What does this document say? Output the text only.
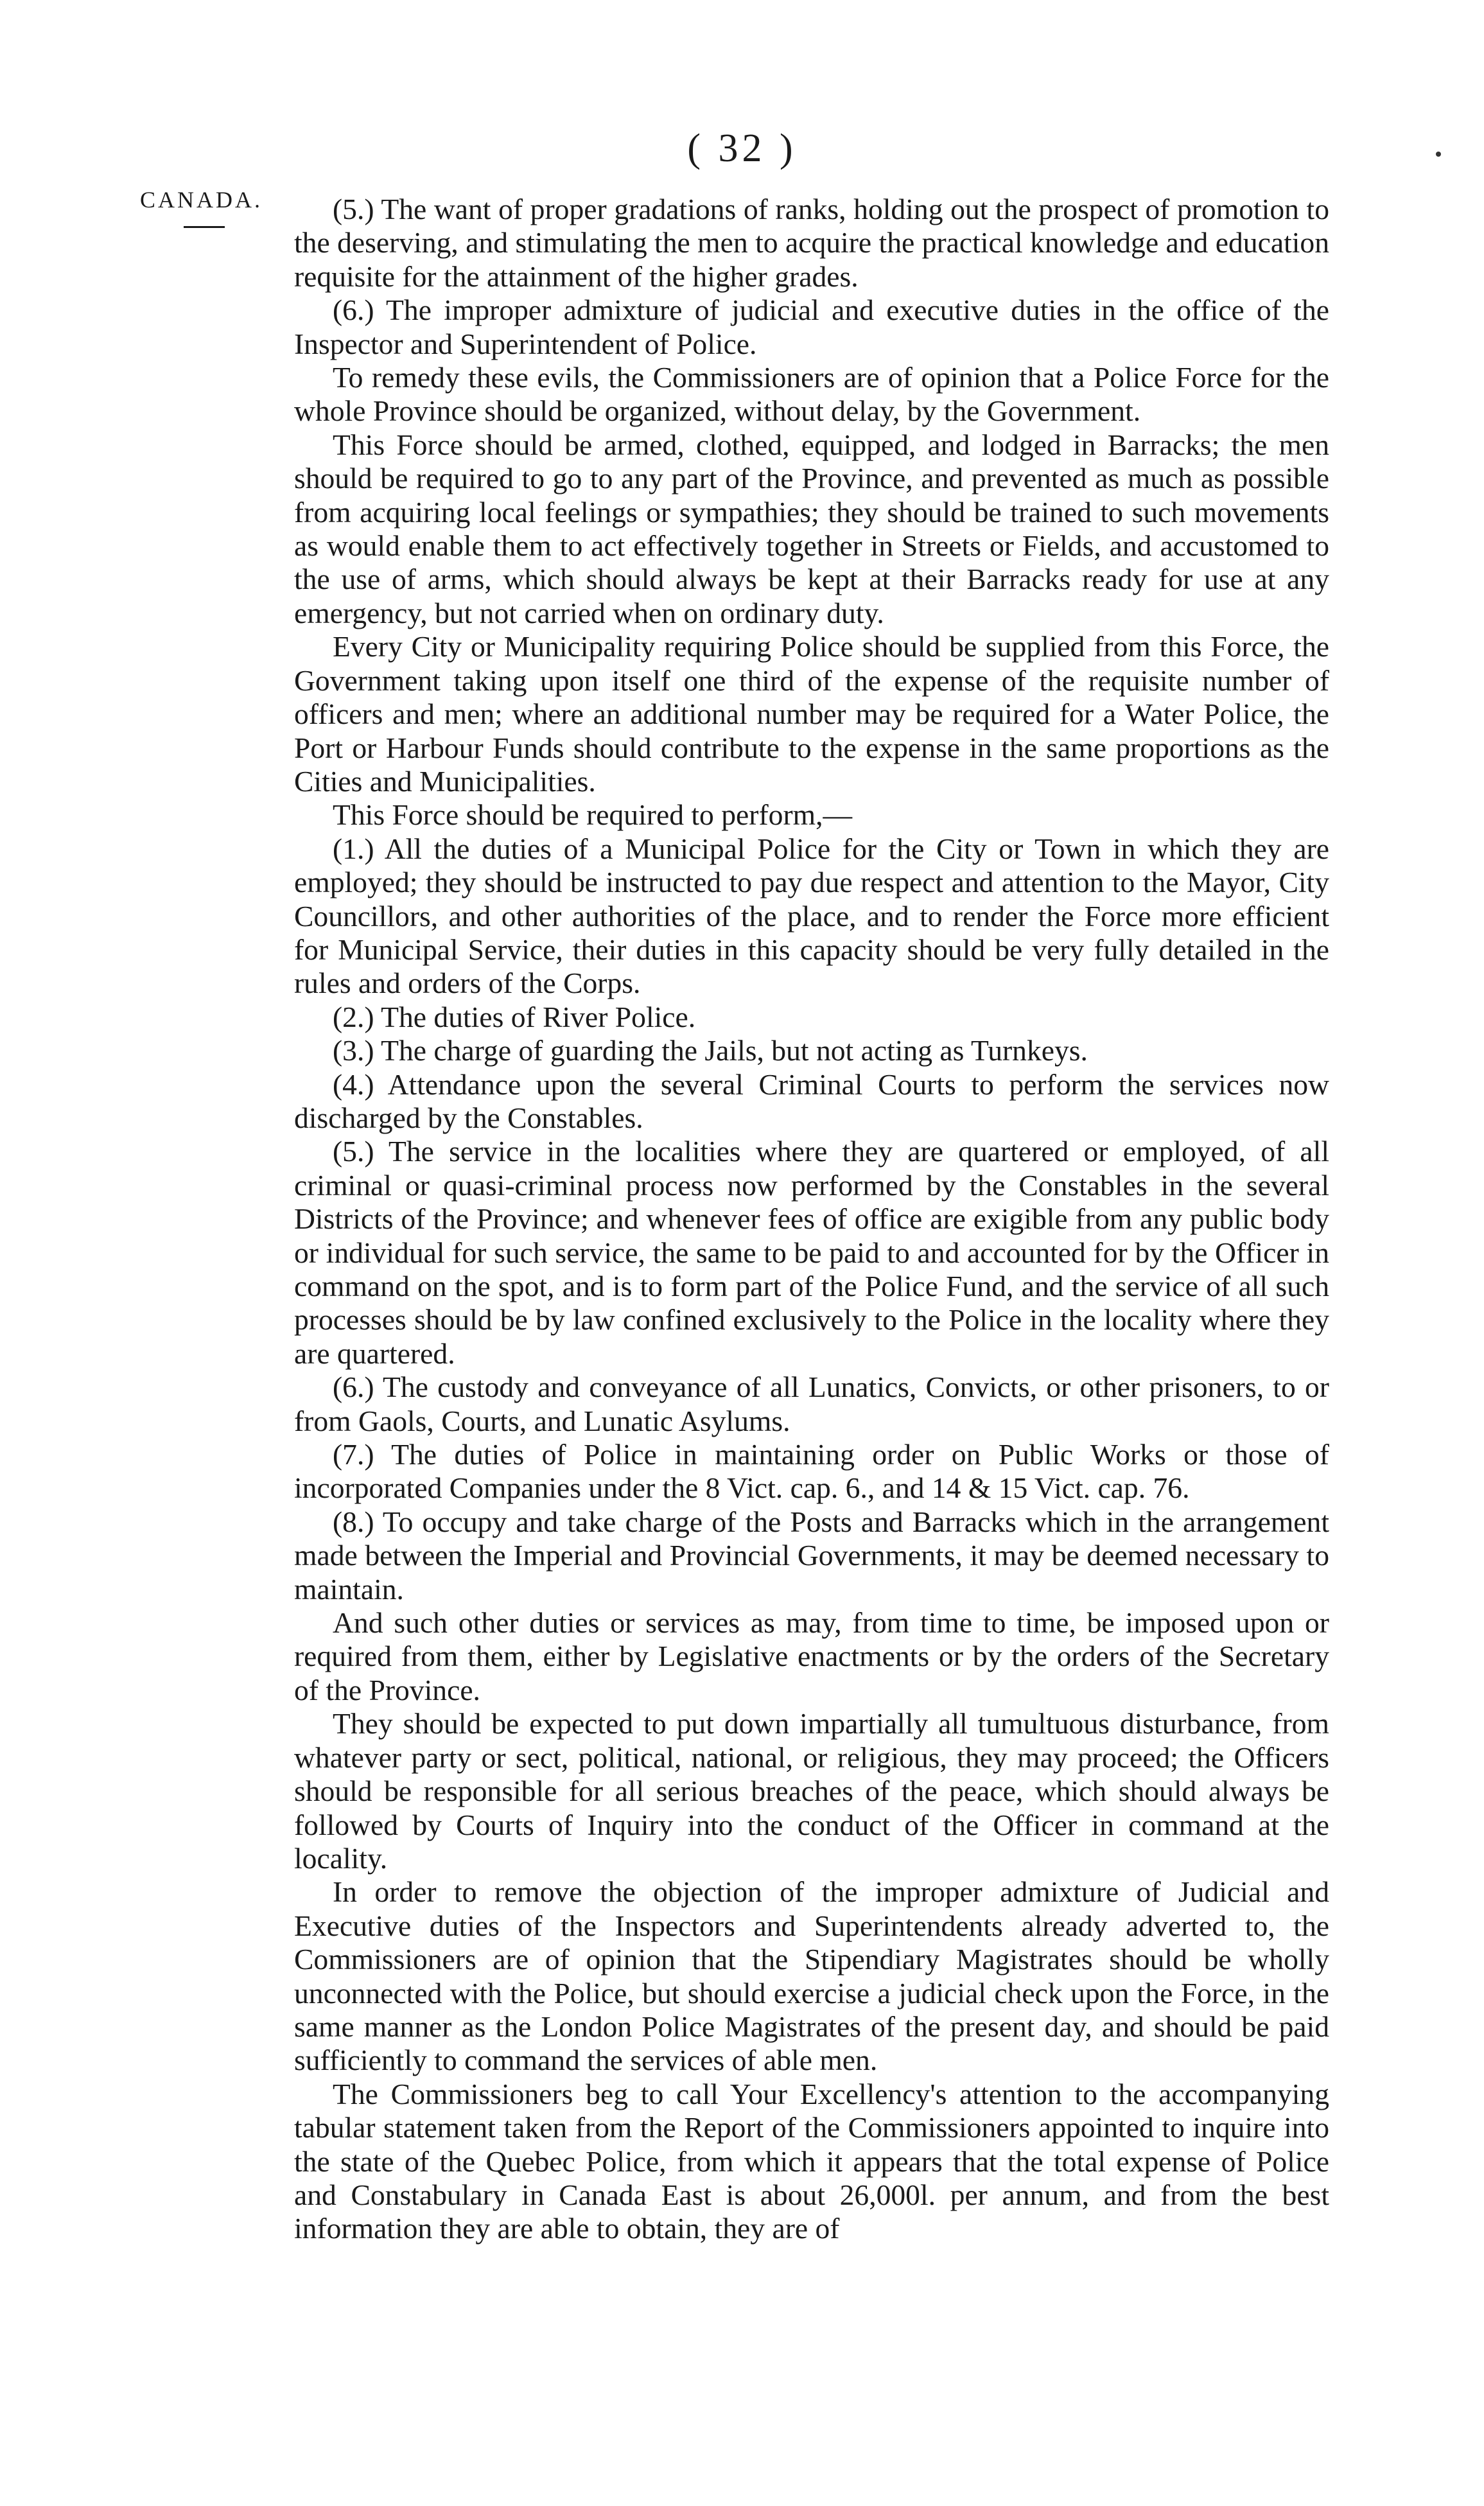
( 32 )
CANADA.	(5.) The want of proper gradations of ranks, holding out the prospect of promotion to the deserving, and stimulating the men to acquire the practical knowledge and education requisite for the attainment of the higher grades.

(6.) The improper admixture of judicial and executive duties in the office of the Inspector and Superintendent of Police.

To remedy these evils, the Commissioners are of opinion that a Police Force for the whole Province should be organized, without delay, by the Government.

This Force should be armed, clothed, equipped, and lodged in Barracks; the men should be required to go to any part of the Province, and prevented as much as possible from acquiring local feelings or sympathies; they should be trained to such movements as would enable them to act effectively together in Streets or Fields, and accustomed to the use of arms, which should always be kept at their Barracks ready for use at any emergency, but not carried when on ordinary duty.

Every City or Municipality requiring Police should be supplied from this Force, the Government taking upon itself one third of the expense of the requisite number of officers and men; where an additional number may be required for a Water Police, the Port or Harbour Funds should contribute to the expense in the same proportions as the Cities and Municipalities.

This Force should be required to perform,—

(1.) All the duties of a Municipal Police for the City or Town in which they are employed; they should be instructed to pay due respect and attention to the Mayor, City Councillors, and other authorities of the place, and to render the Force more efficient for Municipal Service, their duties in this capacity should be very fully detailed in the rules and orders of the Corps.

(2.) The duties of River Police.

(3.) The charge of guarding the Jails, but not acting as Turnkeys.

(4.) Attendance upon the several Criminal Courts to perform the services now discharged by the Constables.

(5.) The service in the localities where they are quartered or employed, of all criminal or quasi-criminal process now performed by the Constables in the several Districts of the Province; and whenever fees of office are exigible from any public body or individual for such service, the same to be paid to and accounted for by the Officer in command on the spot, and is to form part of the Police Fund, and the service of all such processes should be by law confined exclusively to the Police in the locality where they are quartered.

(6.) The custody and conveyance of all Lunatics, Convicts, or other prisoners, to or from Gaols, Courts, and Lunatic Asylums.

(7.) The duties of Police in maintaining order on Public Works or those of incorporated Companies under the 8 Vict. cap. 6., and 14 & 15 Vict. cap. 76.

(8.) To occupy and take charge of the Posts and Barracks which in the arrangement made between the Imperial and Provincial Governments, it may be deemed necessary to maintain.

And such other duties or services as may, from time to time, be imposed upon or required from them, either by Legislative enactments or by the orders of the Secretary of the Province.

They should be expected to put down impartially all tumultuous disturbance, from whatever party or sect, political, national, or religious, they may proceed; the Officers should be responsible for all serious breaches of the peace, which should always be followed by Courts of Inquiry into the conduct of the Officer in command at the locality.

In order to remove the objection of the improper admixture of Judicial and Executive duties of the Inspectors and Superintendents already adverted to, the Commissioners are of opinion that the Stipendiary Magistrates should be wholly unconnected with the Police, but should exercise a judicial check upon the Force, in the same manner as the London Police Magistrates of the present day, and should be paid sufficiently to command the services of able men.

The Commissioners beg to call Your Excellency's attention to the accompanying tabular statement taken from the Report of the Commissioners appointed to inquire into the state of the Quebec Police, from which it appears that the total expense of Police and Constabulary in Canada East is about 26,000l. per annum, and from the best information they are able to obtain, they are of
